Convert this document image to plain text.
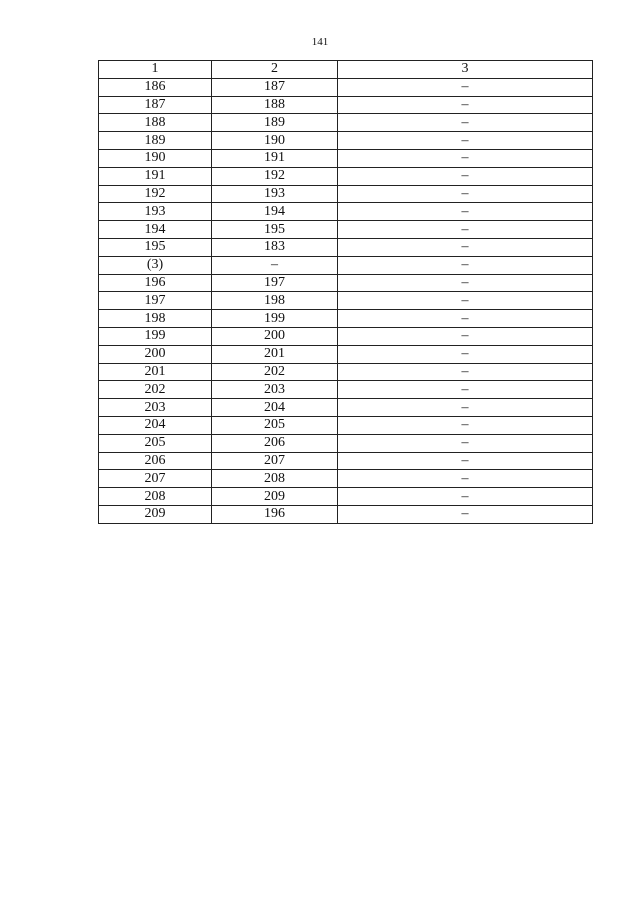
141
1	2	3
186	187	–
187	188	–
188	189	–
189	190	–
190	191	–
191	192	–
192	193	–
193	194	–
194	195	–
195	183	–
(3)	–	–
196	197	–
197	198	–
198	199	–
199	200	–
200	201	–
201	202	–
202	203	–
203	204	–
204	205	–
205	206	–
206	207	–
207	208	–
208	209	–
209	196	–
